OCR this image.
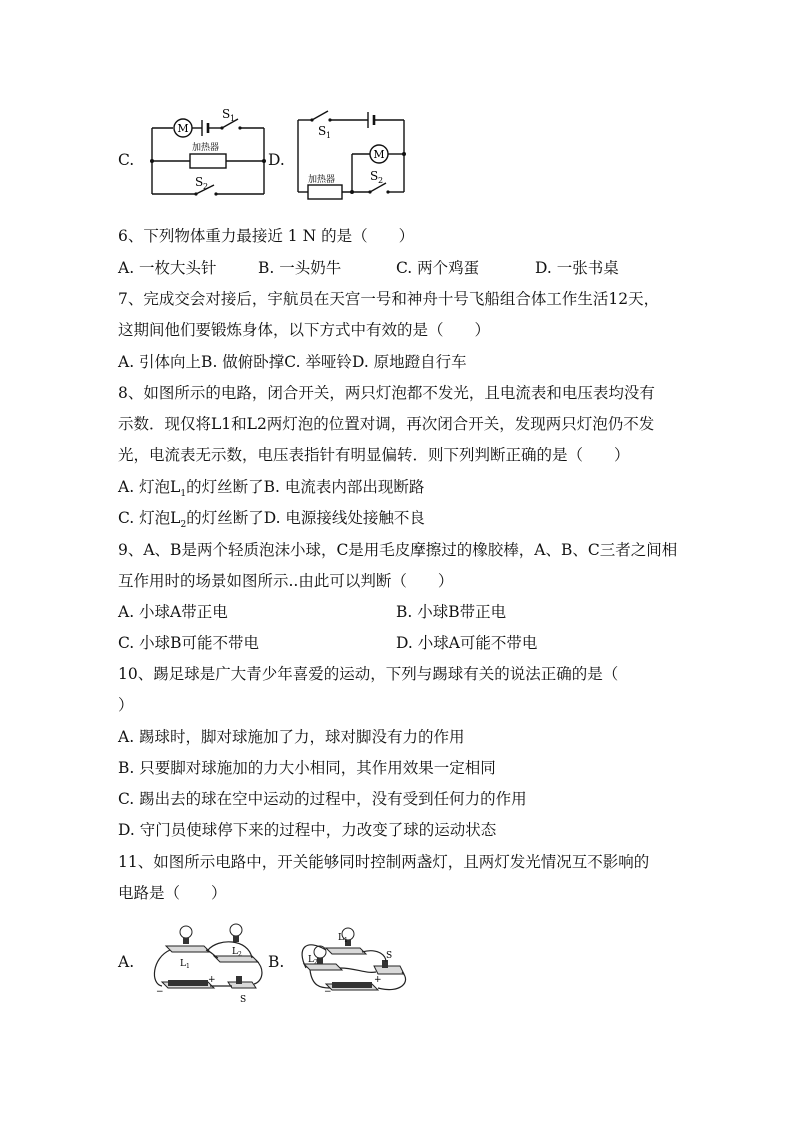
C.
M
S 1
加热器
S 2
D.	M
S 1
加热器	S 2
6、下列物体重力最接近 1 N 的是（　　）
A. 一枚大头针	B. 一头奶牛	C. 两个鸡蛋	D. 一张书桌
7、完成交会对接后，宇航员在天宫一号和神舟十号飞船组合体工作生活12天，
这期间他们要锻炼身体，以下方式中有效的是（　　）
A. 引体向上B. 做俯卧撑C. 举哑铃D. 原地蹬自行车
8、如图所示的电路，闭合开关，两只灯泡都不发光，且电流表和电压表均没有
示数．现仅将L1和L2两灯泡的位置对调，再次闭合开关，发现两只灯泡仍不发
光，电流表无示数，电压表指针有明显偏转．则下列判断正确的是（　　）
A. 灯泡$L_1$的灯丝断了B. 电流表内部出现断路
C. 灯泡$L_2$的灯丝断了D. 电源接线处接触不良
9、A、B是两个轻质泡沫小球，C是用毛皮摩擦过的橡胶棒，A、B、C三者之间相
互作用时的场景如图所示..由此可以判断（　　）
A. 小球A带正电	B. 小球B带正电
C. 小球B可能不带电	D. 小球A可能不带电
10、踢足球是广大青少年喜爱的运动，下列与踢球有关的说法正确的是（
）
A. 踢球时，脚对球施加了力，球对脚没有力的作用
B. 只要脚对球施加的力大小相同，其作用效果一定相同
C. 踢出去的球在空中运动的过程中，没有受到任何力的作用
D. 守门员使球停下来的过程中，力改变了球的运动状态
11、如图所示电路中，开关能够同时控制两盏灯，且两灯发光情况互不影响的
电路是（　　）
A.	L 1
L 2
−
+
S
B.
L 1
L 2
S
−
+
